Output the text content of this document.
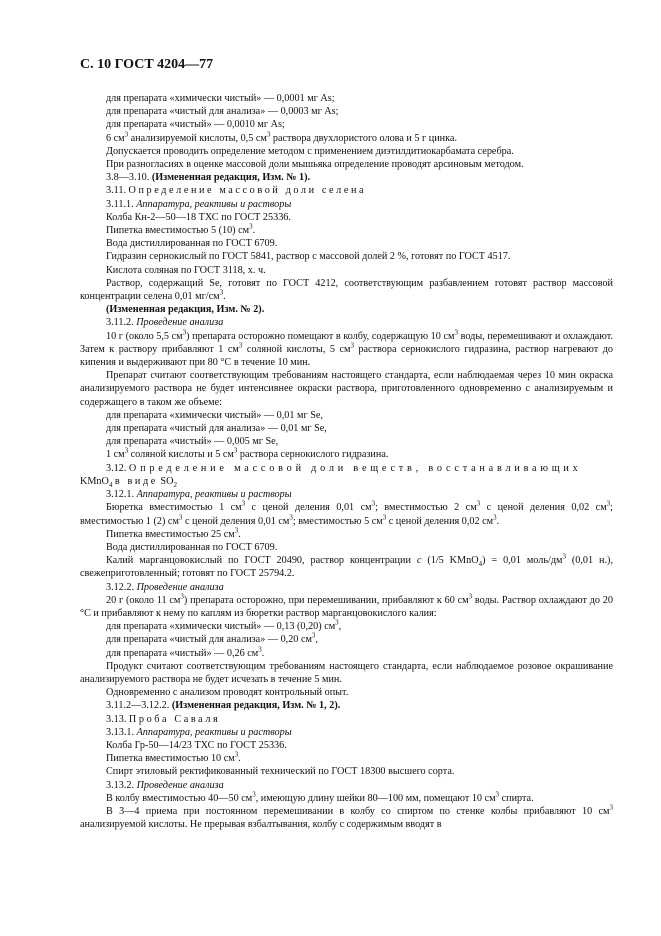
С. 10 ГОСТ 4204—77
для препарата «химически чистый» — 0,0001 мг As;
для препарата «чистый для анализа» — 0,0003 мг As;
для препарата «чистый» — 0,0010 мг As;
6 $см^3$ анализируемой кислоты, 0,5 $см^3$ раствора двухлористого олова и 5 г цинка.
Допускается проводить определение методом с применением диэтилдитиокарбамата серебра.
При разногласиях в оценке массовой доли мышьяка определение проводят арсиновым методом.
3.8—3.10. (Измененная редакция, Изм. № 1).
3.11. Определение массовой доли селена
3.11.1. Аппаратура, реактивы и растворы
Колба Кн-2—50—18 ТХС по ГОСТ 25336.
Пипетка вместимостью 5 (10) $см^3$.
Вода дистиллированная по ГОСТ 6709.
Гидразин сернокислый по ГОСТ 5841, раствор с массовой долей 2 %, готовят по ГОСТ 4517.
Кислота соляная по ГОСТ 3118, х. ч.
Раствор, содержащий Se, готовят по ГОСТ 4212, соответствующим разбавлением готовят раствор массовой концентрации селена 0,01 $мг/см^3$.
(Измененная редакция, Изм. № 2).
3.11.2. Проведение анализа
10 г (около 5,5 $см^3$) препарата осторожно помещают в колбу, содержащую 10 $см^3$ воды, перемешивают и охлаждают. Затем к раствору прибавляют 1 $см^3$ соляной кислоты, 5 $см^3$ раствора сернокислого гидразина, раствор нагревают до кипения и выдерживают при 80 °С в течение 10 мин.
Препарат считают соответствующим требованиям настоящего стандарта, если наблюдаемая через 10 мин окраска анализируемого раствора не будет интенсивнее окраски раствора, приготовленного одновременно с анализируемым и содержащего в таком же объеме:
для препарата «химически чистый» — 0,01 мг Se,
для препарата «чистый для анализа» — 0,01 мг Se,
для препарата «чистый» — 0,005 мг Se,
1 $см^3$ соляной кислоты и 5 $см^3$ раствора сернокислого гидразина.
3.12. Определение массовой доли веществ, восстанавливающих
KMnO$_4$ в виде $SO_2$
3.12.1. Аппаратура, реактивы и растворы
Бюретка вместимостью 1 $см^3$ с ценой деления 0,01 $см^3$; вместимостью 2 $см^3$ с ценой деления 0,02 $см^3$; вместимостью 1 (2) $см^3$ с ценой деления 0,01 $см^3$; вместимостью 5 $см^3$ с ценой деления 0,02 $см^3$.
Пипетка вместимостью 25 $см^3$.
Вода дистиллированная по ГОСТ 6709.
Калий марганцовокислый по ГОСТ 20490, раствор концентрации c (1/5 KMnO$_4$) = 0,01 моль/$дм^3$ (0,01 н.), свежеприготовленный; готовят по ГОСТ 25794.2.
3.12.2. Проведение анализа
20 г (около 11 $см^3$) препарата осторожно, при перемешивании, прибавляют к 60 $см^3$ воды. Раствор охлаждают до 20 °С и прибавляют к нему по каплям из бюретки раствор марганцовокислого калия:
для препарата «химически чистый» — 0,13 (0,20) $см^3$,
для препарата «чистый для анализа» — 0,20 $см^3$,
для препарата «чистый» — 0,26 $см^3$.
Продукт считают соответствующим требованиям настоящего стандарта, если наблюдаемое розовое окрашивание анализируемого раствора не будет исчезать в течение 5 мин.
Одновременно с анализом проводят контрольный опыт.
3.11.2—3.12.2. (Измененная редакция, Изм. № 1, 2).
3.13. Проба Саваля
3.13.1. Аппаратура, реактивы и растворы
Колба Гр-50—14/23 ТХС по ГОСТ 25336.
Пипетка вместимостью 10 $см^3$.
Спирт этиловый ректификованный технический по ГОСТ 18300 высшего сорта.
3.13.2. Проведение анализа
В колбу вместимостью 40—50 $см^3$, имеющую длину шейки 80—100 мм, помещают 10 $см^3$ спирта.
В 3—4 приема при постоянном перемешивании в колбу со спиртом по стенке колбы прибавляют 10 $см^3$ анализируемой кислоты. Не прерывая взбалтывания, колбу с содержимым вводят в
